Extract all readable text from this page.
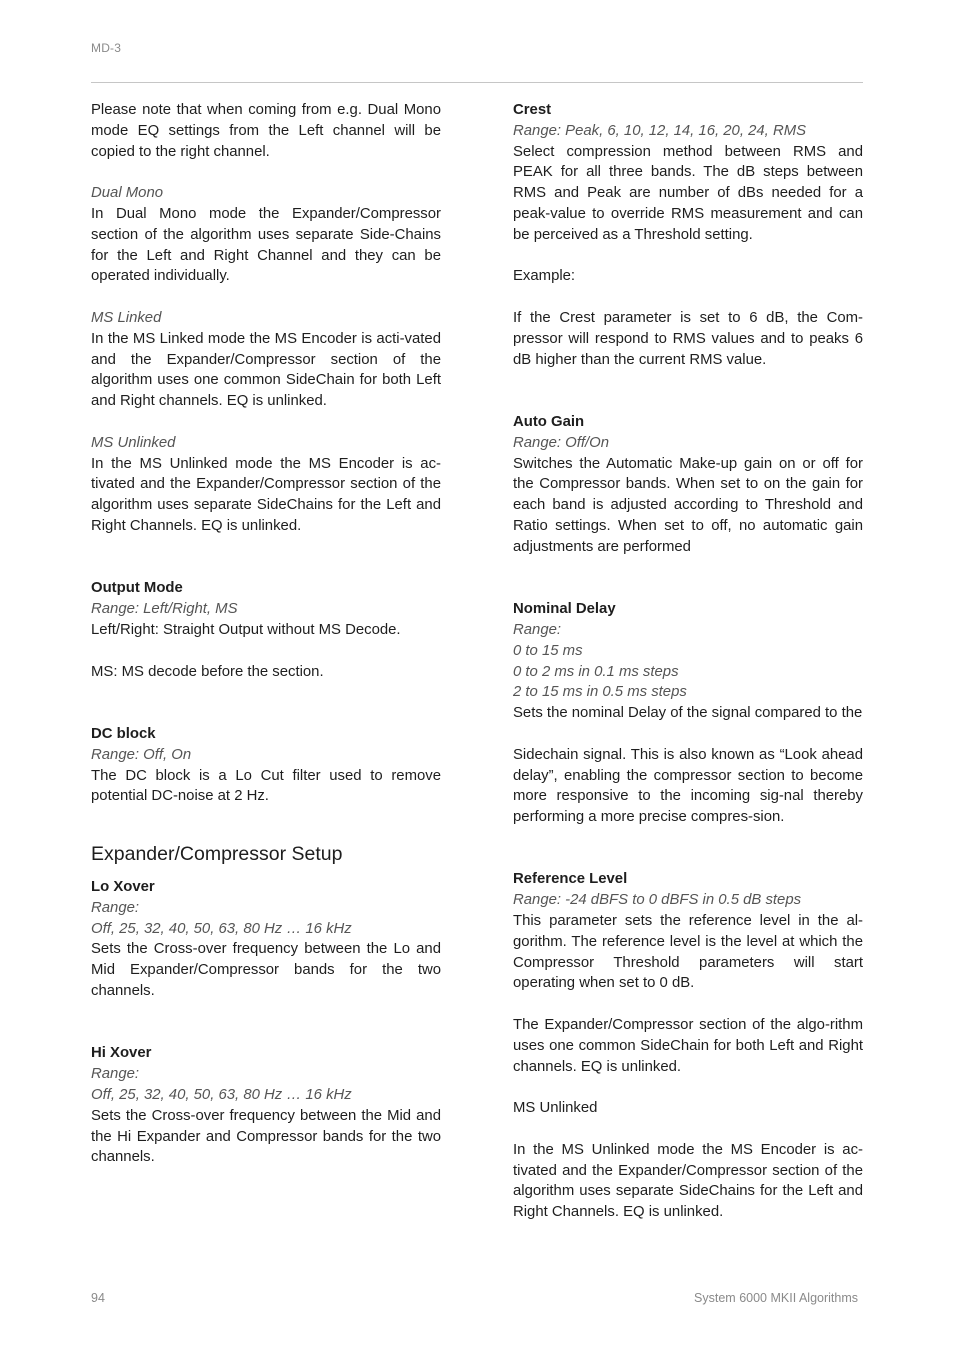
MD-3

Please note that when coming from e.g. Dual Mono mode EQ settings from the Left channel will be copied to the right channel.

Dual Mono

In Dual Mono mode the Expander/Compressor section of the algorithm uses separate Side-Chains for the Left and Right Channel and they can be operated individually.

MS Linked

In the MS Linked mode the MS Encoder is acti-vated and the Expander/Compressor section of the algorithm uses one common SideChain for both Left and Right channels. EQ is unlinked.

MS Unlinked

In the MS Unlinked mode the MS Encoder is ac-tivated and the Expander/Compressor section of the algorithm uses separate SideChains for the Left and Right Channels. EQ is unlinked.

Output Mode

Range: Left/Right, MS

Left/Right: Straight Output without MS Decode.

MS: MS decode before the section.

DC block

Range: Off, On

The DC block is a Lo Cut filter used to remove potential DC-noise at 2 Hz.

Expander/Compressor Setup

Lo Xover

Range:

Off, 25, 32, 40, 50, 63, 80 Hz … 16 kHz

Sets the Cross-over frequency between the Lo and Mid Expander/Compressor bands for the two channels.

Hi Xover

Range:

Off, 25, 32, 40, 50, 63, 80 Hz … 16 kHz

Sets the Cross-over frequency between the Mid and the Hi Expander and Compressor bands for the two channels.

Crest

Range: Peak, 6, 10, 12, 14, 16, 20, 24, RMS

Select compression method between RMS and PEAK for all three bands. The dB steps between RMS and Peak are number of dBs needed for a peak-value to override RMS measurement and can be perceived as a Threshold setting.

Example:

If the Crest parameter is set to 6 dB, the Com-pressor will respond to RMS values and to peaks 6 dB higher than the current RMS value.

Auto Gain

Range: Off/On

Switches the Automatic Make-up gain on or off for the Compressor bands. When set to on the gain for each band is adjusted according to Threshold and Ratio settings. When set to off, no automatic gain adjustments are performed

Nominal Delay

Range:

0 to 15 ms

0 to 2 ms in 0.1 ms steps

2 to 15 ms in 0.5 ms steps

Sets the nominal Delay of the signal compared to the

Sidechain signal. This is also known as “Look ahead delay”, enabling the compressor section to become more responsive to the incoming sig-nal thereby performing a more precise compres-sion.

Reference Level

Range: -24 dBFS to 0 dBFS in 0.5 dB steps

This parameter sets the reference level in the al-gorithm. The reference level is the level at which the Compressor Threshold parameters will start operating when set to 0 dB.

The Expander/Compressor section of the algo-rithm uses one common SideChain for both Left and Right channels. EQ is unlinked.

MS Unlinked

In the MS Unlinked mode the MS Encoder is ac-tivated and the Expander/Compressor section of the algorithm uses separate SideChains for the Left and Right Channels. EQ is unlinked.

94	System 6000 MKII Algorithms
